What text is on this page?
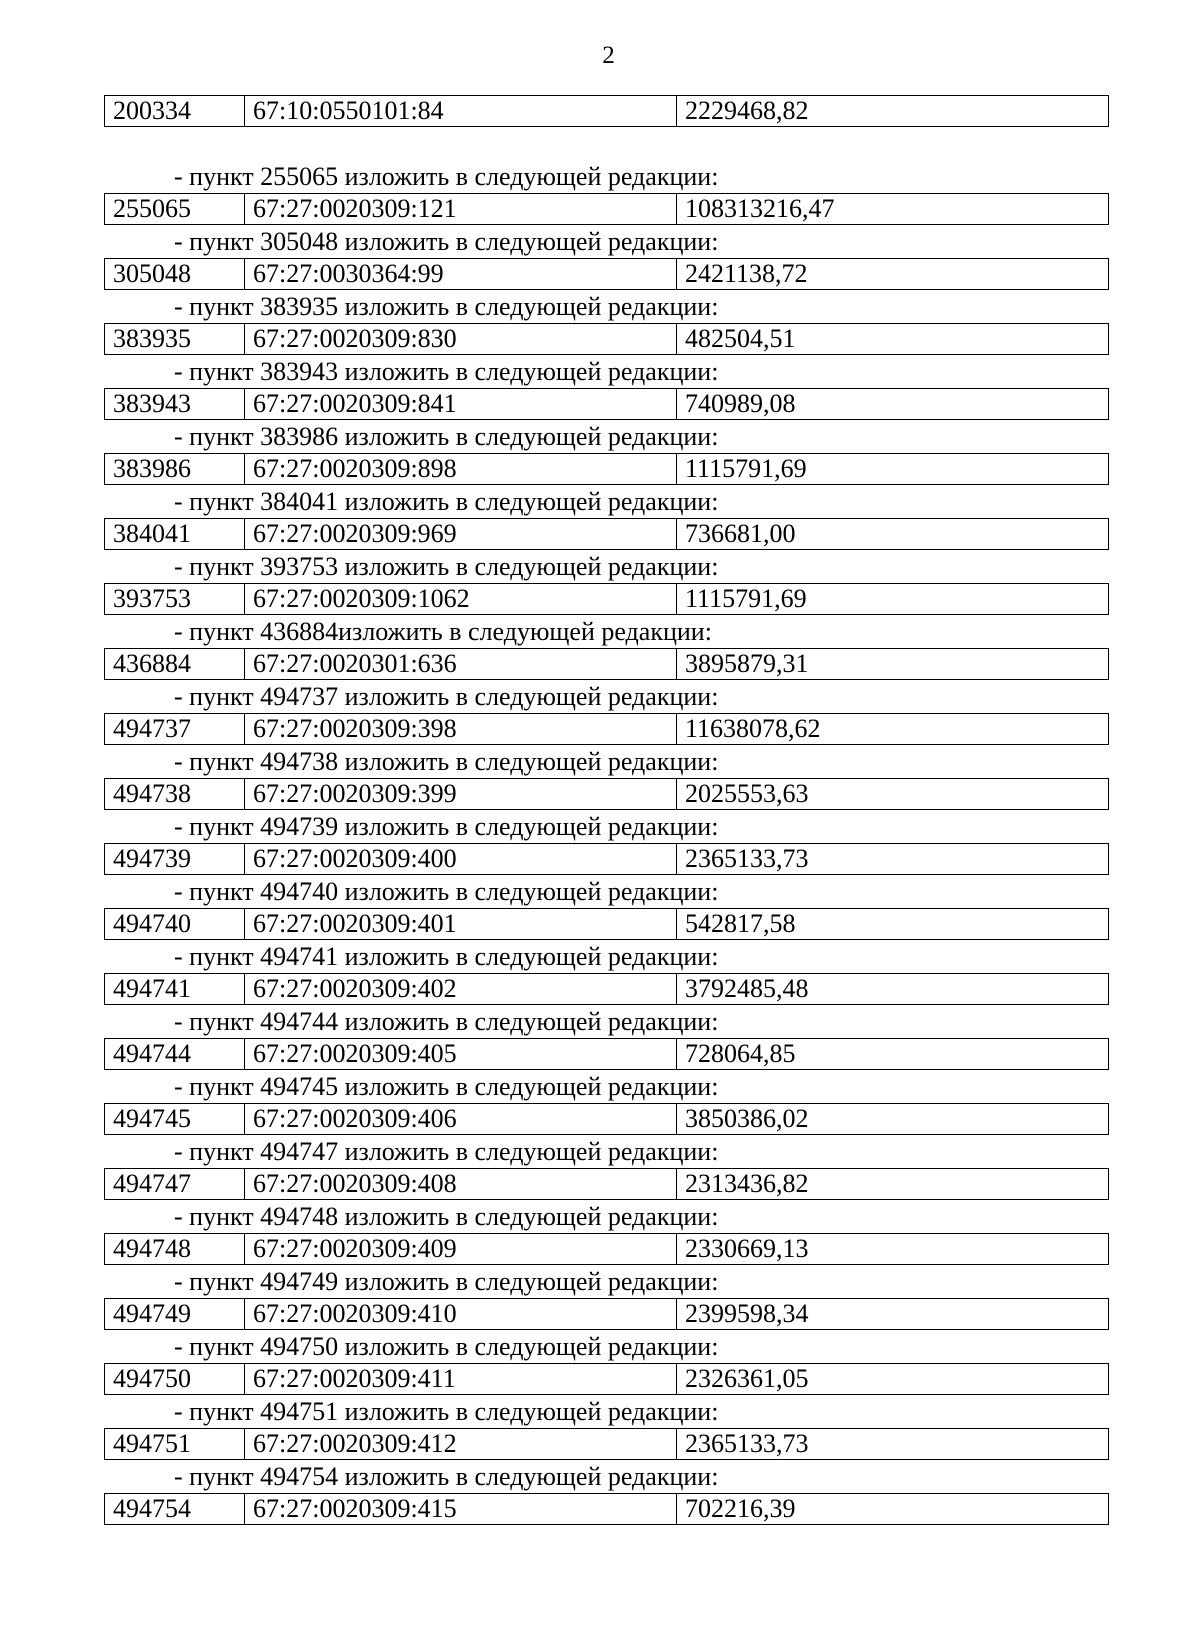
2
200334	67:10:0550101:84	2229468,82
- пункт 255065 изложить в следующей редакции:
255065	67:27:0020309:121	108313216,47
- пункт 305048 изложить в следующей редакции:
305048	67:27:0030364:99	2421138,72
- пункт 383935 изложить в следующей редакции:
383935	67:27:0020309:830	482504,51
- пункт 383943 изложить в следующей редакции:
383943	67:27:0020309:841	740989,08
- пункт 383986 изложить в следующей редакции:
383986	67:27:0020309:898	1115791,69
- пункт 384041 изложить в следующей редакции:
384041	67:27:0020309:969	736681,00
- пункт 393753 изложить в следующей редакции:
393753	67:27:0020309:1062	1115791,69
- пункт 436884изложить в следующей редакции:
436884	67:27:0020301:636	3895879,31
- пункт 494737 изложить в следующей редакции:
494737	67:27:0020309:398	11638078,62
- пункт 494738 изложить в следующей редакции:
494738	67:27:0020309:399	2025553,63
- пункт 494739 изложить в следующей редакции:
494739	67:27:0020309:400	2365133,73
- пункт 494740 изложить в следующей редакции:
494740	67:27:0020309:401	542817,58
- пункт 494741 изложить в следующей редакции:
494741	67:27:0020309:402	3792485,48
- пункт 494744 изложить в следующей редакции:
494744	67:27:0020309:405	728064,85
- пункт 494745 изложить в следующей редакции:
494745	67:27:0020309:406	3850386,02
- пункт 494747 изложить в следующей редакции:
494747	67:27:0020309:408	2313436,82
- пункт 494748 изложить в следующей редакции:
494748	67:27:0020309:409	2330669,13
- пункт 494749 изложить в следующей редакции:
494749	67:27:0020309:410	2399598,34
- пункт 494750 изложить в следующей редакции:
494750	67:27:0020309:411	2326361,05
- пункт 494751 изложить в следующей редакции:
494751	67:27:0020309:412	2365133,73
- пункт 494754 изложить в следующей редакции:
494754	67:27:0020309:415	702216,39
